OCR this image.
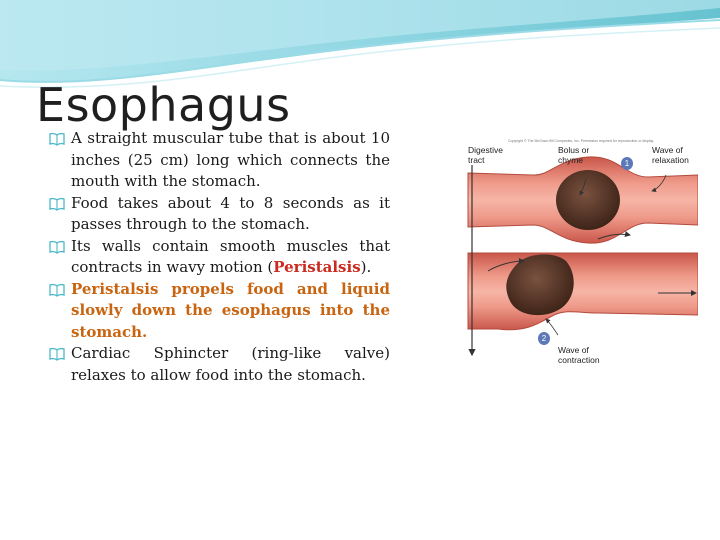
Esophagus
A straight muscular tube that is about 10 inches (25 cm) long which connects the mouth with the stomach.
Food takes about 4 to 8 seconds as it passes through to the stomach.
Its walls contain smooth muscles that contracts in wavy motion (Peristalsis).
Peristalsis propels food and liquid slowly down the esophagus into the stomach.
Cardiac Sphincter (ring-like valve) relaxes to allow food into the stomach.
Copyright © The McGraw-Hill Companies, Inc. Permission required for reproduction or display.
Digestive
tract
Bolus or
chyme
Wave of
relaxation
Wave of
contraction
1
2
